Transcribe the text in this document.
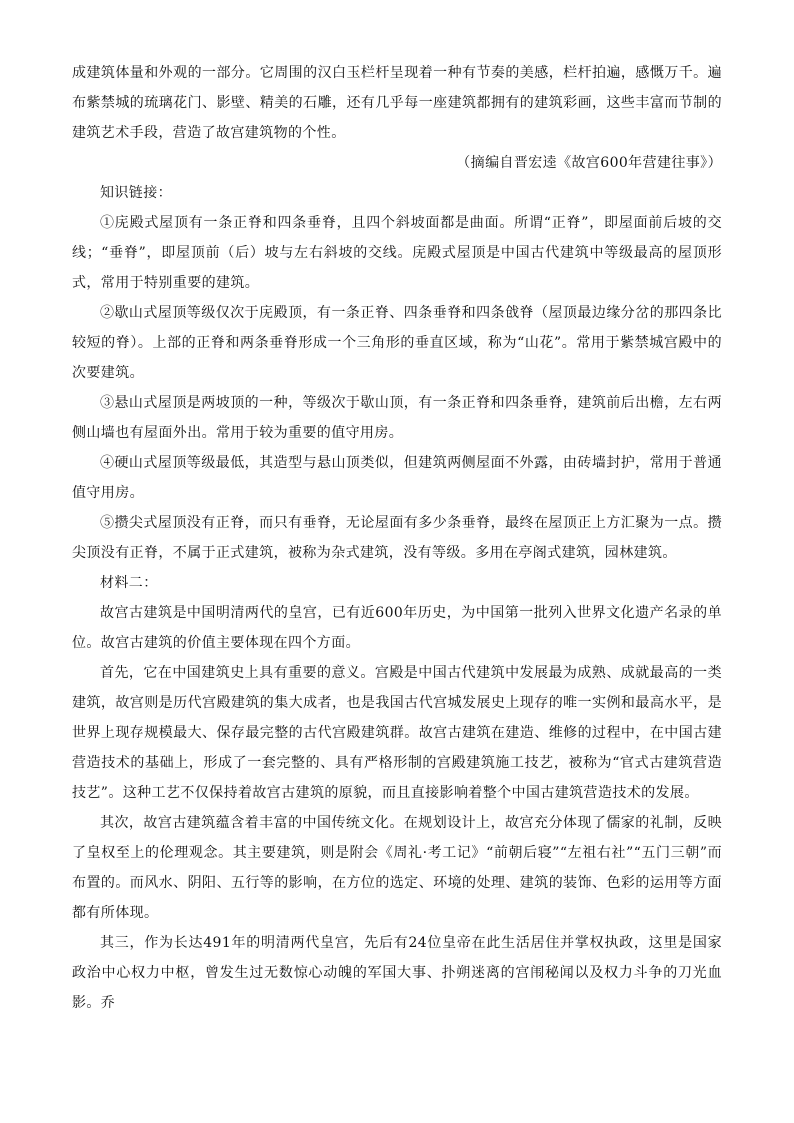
成建筑体量和外观的一部分。它周围的汉白玉栏杆呈现着一种有节奏的美感，栏杆拍遍，感慨万千。遍布紫禁城的琉璃花门、影壁、精美的石雕，还有几乎每一座建筑都拥有的建筑彩画，这些丰富而节制的建筑艺术手段，营造了故宫建筑物的个性。

（摘编自晋宏逵《故宫600年营建往事》）

知识链接：

①庑殿式屋顶有一条正脊和四条垂脊，且四个斜坡面都是曲面。所谓“正脊”，即屋面前后坡的交线；“垂脊”，即屋顶前（后）坡与左右斜坡的交线。庑殿式屋顶是中国古代建筑中等级最高的屋顶形式，常用于特别重要的建筑。

②歇山式屋顶等级仅次于庑殿顶，有一条正脊、四条垂脊和四条戗脊（屋顶最边缘分岔的那四条比较短的脊）。上部的正脊和两条垂脊形成一个三角形的垂直区域，称为“山花”。常用于紫禁城宫殿中的次要建筑。

③悬山式屋顶是两坡顶的一种，等级次于歇山顶，有一条正脊和四条垂脊，建筑前后出檐，左右两侧山墙也有屋面外出。常用于较为重要的值守用房。

④硬山式屋顶等级最低，其造型与悬山顶类似，但建筑两侧屋面不外露，由砖墙封护，常用于普通值守用房。

⑤攒尖式屋顶没有正脊，而只有垂脊，无论屋面有多少条垂脊，最终在屋顶正上方汇聚为一点。攒尖顶没有正脊，不属于正式建筑，被称为杂式建筑，没有等级。多用在亭阁式建筑，园林建筑。

材料二：

故宫古建筑是中国明清两代的皇宫，已有近600年历史，为中国第一批列入世界文化遗产名录的单位。故宫古建筑的价值主要体现在四个方面。

首先，它在中国建筑史上具有重要的意义。宫殿是中国古代建筑中发展最为成熟、成就最高的一类建筑，故宫则是历代宫殿建筑的集大成者，也是我国古代宫城发展史上现存的唯一实例和最高水平，是世界上现存规模最大、保存最完整的古代宫殿建筑群。故宫古建筑在建造、维修的过程中，在中国古建营造技术的基础上，形成了一套完整的、具有严格形制的宫殿建筑施工技艺，被称为“官式古建筑营造技艺”。这种工艺不仅保持着故宫古建筑的原貌，而且直接影响着整个中国古建筑营造技术的发展。

其次，故宫古建筑蕴含着丰富的中国传统文化。在规划设计上，故宫充分体现了儒家的礼制，反映了皇权至上的伦理观念。其主要建筑，则是附会《周礼·考工记》“前朝后寝”“左祖右社”“五门三朝”而布置的。而风水、阴阳、五行等的影响，在方位的选定、环境的处理、建筑的装饰、色彩的运用等方面都有所体现。

其三，作为长达491年的明清两代皇宫，先后有24位皇帝在此生活居住并掌权执政，这里是国家政治中心权力中枢，曾发生过无数惊心动魄的军国大事、扑朔迷离的宫闱秘闻以及权力斗争的刀光血影。乔
